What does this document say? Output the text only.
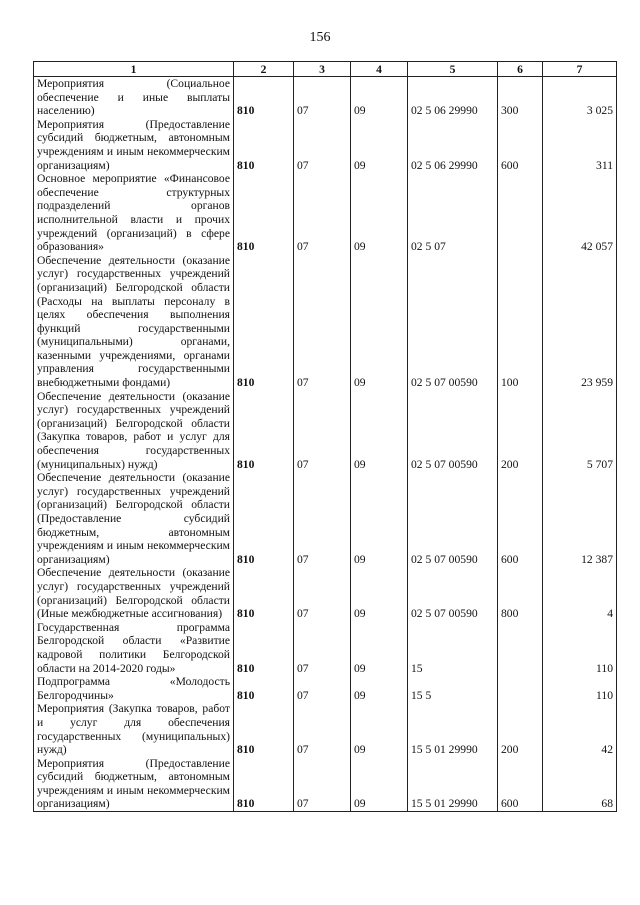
156
1	2	3	4	5	6	7
Мероприятия (Социальное обеспечение и иные выплаты населению)	810	07	09	02 5 06 29990	300	3 025
Мероприятия (Предоставление субсидий бюджетным, автономным учреждениям и иным некоммерческим организациям)	810	07	09	02 5 06 29990	600	311
Основное мероприятие «Финансовое обеспечение структурных подразделений органов исполнительной власти и прочих учреждений (организаций) в сфере образования»	810	07	09	02 5 07		42 057
Обеспечение деятельности (оказание услуг) государственных учреждений (организаций) Белгородской области (Расходы на выплаты персоналу в целях обеспечения выполнения функций государственными (муниципальными) органами, казенными учреждениями, органами управления государственными внебюджетными фондами)	810	07	09	02 5 07 00590	100	23 959
Обеспечение деятельности (оказание услуг) государственных учреждений (организаций) Белгородской области (Закупка товаров, работ и услуг для обеспечения государственных (муниципальных) нужд)	810	07	09	02 5 07 00590	200	5 707
Обеспечение деятельности (оказание услуг) государственных учреждений (организаций) Белгородской области (Предоставление субсидий бюджетным, автономным учреждениям и иным некоммерческим организациям)	810	07	09	02 5 07 00590	600	12 387
Обеспечение деятельности (оказание услуг) государственных учреждений (организаций) Белгородской области (Иные межбюджетные ассигнования)	810	07	09	02 5 07 00590	800	4
Государственная программа Белгородской области «Развитие кадровой политики Белгородской области на 2014-2020 годы»	810	07	09	15		110
Подпрограмма «Молодость Белгородчины»	810	07	09	15 5		110
Мероприятия (Закупка товаров, работ и услуг для обеспечения государственных (муниципальных) нужд)	810	07	09	15 5 01 29990	200	42
Мероприятия (Предоставление субсидий бюджетным, автономным учреждениям и иным некоммерческим организациям)	810	07	09	15 5 01 29990	600	68
